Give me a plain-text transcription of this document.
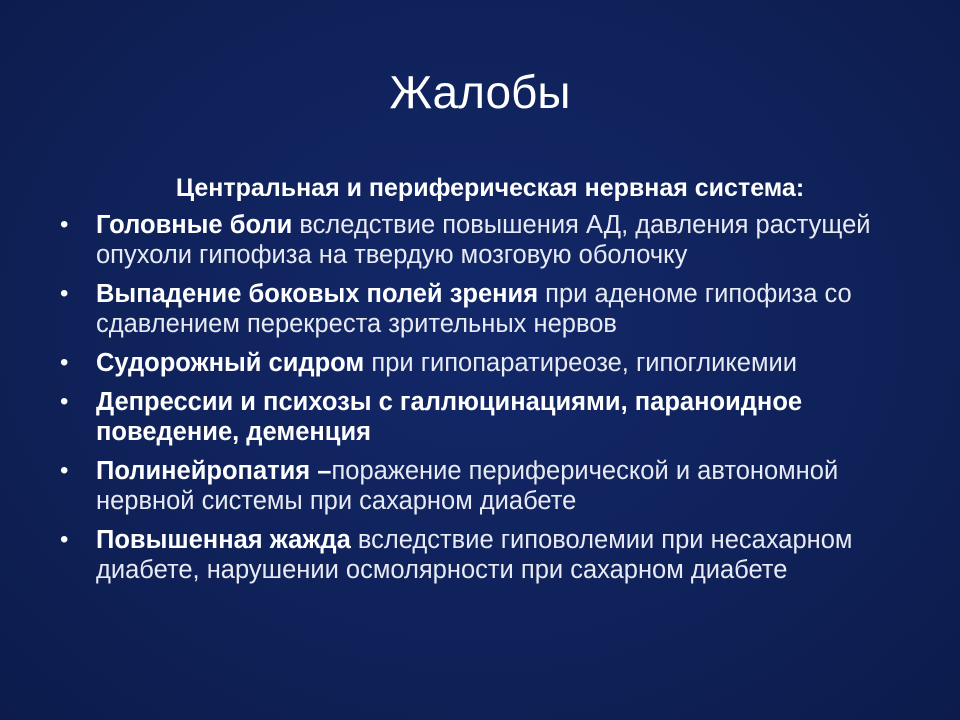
Жалобы
Центральная и периферическая нервная система:
• Головные боли вследствие повышения АД, давления растущей опухоли гипофиза на твердую мозговую оболочку
• Выпадение боковых полей зрения при аденоме гипофиза со сдавлением перекреста зрительных нервов
• Судорожный сидром при гипопаратиреозе, гипогликемии
• Депрессии и психозы с галлюцинациями, параноидное поведение, деменция
• Полинейропатия –поражение периферической и автономной нервной системы при сахарном диабете
• Повышенная жажда вследствие гиповолемии при несахарном диабете, нарушении осмолярности при сахарном диабете
